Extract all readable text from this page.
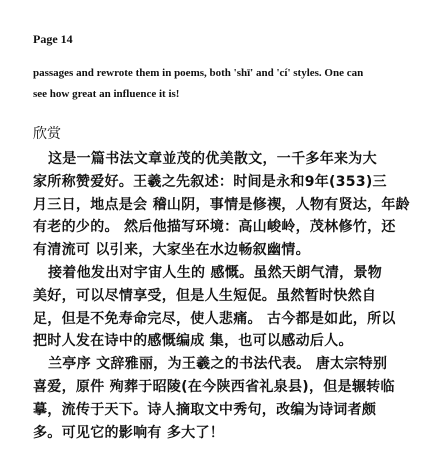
Page 14
passages and rewrote them in poems, both 'shī' and 'cí' styles. One can
see how great an influence it is!
欣赏
这是一篇书法文章並茂的优美散文，一千多年来为大
家所称赞爱好。王羲之先叙述：时间是永和9年(353)三
月三日，地点是会 稽山阴，事情是修禊，人物有贤达，年龄
有老的少的。 然后他描写环境：高山峻岭，茂林修竹，还
有清流可 以引来，大家坐在水边畅叙幽情。
接着他发出对宇宙人生的 感慨。虽然天朗气清，景物
美好，可以尽情享受，但是人生短促。虽然暂时快然自
足，但是不免寿命完尽，使人悲痛。 古今都是如此，所以
把时人发在诗中的感慨编成 集，也可以感动后人。
兰亭序 文辞雅丽，为王羲之的书法代表。 唐太宗特别
喜爱，原件 殉葬于昭陵(在今陕西省礼泉县)，但是辗转临
摹，流传于天下。诗人摘取文中秀句，改编为诗词者颇
多。可见它的影响有 多大了！
